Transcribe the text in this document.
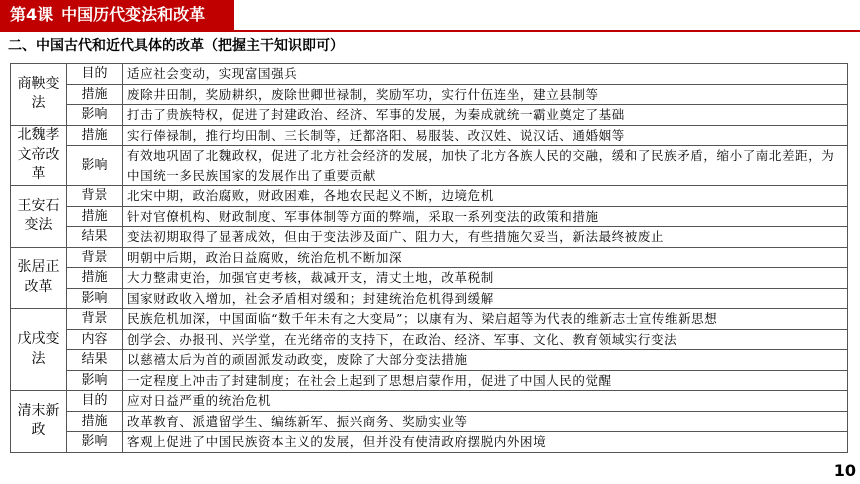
第4课 中国历代变法和改革
二、中国古代和近代具体的改革（把握主干知识即可）
商鞅变法	目的	适应社会变动，实现富国强兵
	措施	废除井田制，奖励耕织，废除世卿世禄制，奖励军功，实行什伍连坐，建立县制等
	影响	打击了贵族特权，促进了封建政治、经济、军事的发展，为秦成就统一霸业奠定了基础
北魏孝文帝改革	措施	实行俸禄制，推行均田制、三长制等，迁都洛阳、易服装、改汉姓、说汉话、通婚姻等
	影响	有效地巩固了北魏政权，促进了北方社会经济的发展，加快了北方各族人民的交融，缓和了民族矛盾，缩小了南北差距，为中国统一多民族国家的发展作出了重要贡献
王安石变法	背景	北宋中期，政治腐败，财政困难，各地农民起义不断，边境危机
	措施	针对官僚机构、财政制度、军事体制等方面的弊端，采取一系列变法的政策和措施
	结果	变法初期取得了显著成效，但由于变法涉及面广、阻力大，有些措施欠妥当，新法最终被废止
张居正改革	背景	明朝中后期，政治日益腐败，统治危机不断加深
	措施	大力整肃吏治，加强官吏考核，裁减开支，清丈土地，改革税制
	影响	国家财政收入增加，社会矛盾相对缓和；封建统治危机得到缓解
戊戌变法	背景	民族危机加深，中国面临“数千年未有之大变局”；以康有为、梁启超等为代表的维新志士宣传维新思想
	内容	创学会、办报刊、兴学堂，在光绪帝的支持下，在政治、经济、军事、文化、教育领域实行变法
	结果	以慈禧太后为首的顽固派发动政变，废除了大部分变法措施
	影响	一定程度上冲击了封建制度；在社会上起到了思想启蒙作用，促进了中国人民的觉醒
清末新政	目的	应对日益严重的统治危机
	措施	改革教育、派遣留学生、编练新军、振兴商务、奖励实业等
	影响	客观上促进了中国民族资本主义的发展，但并没有使清政府摆脱内外困境
10
